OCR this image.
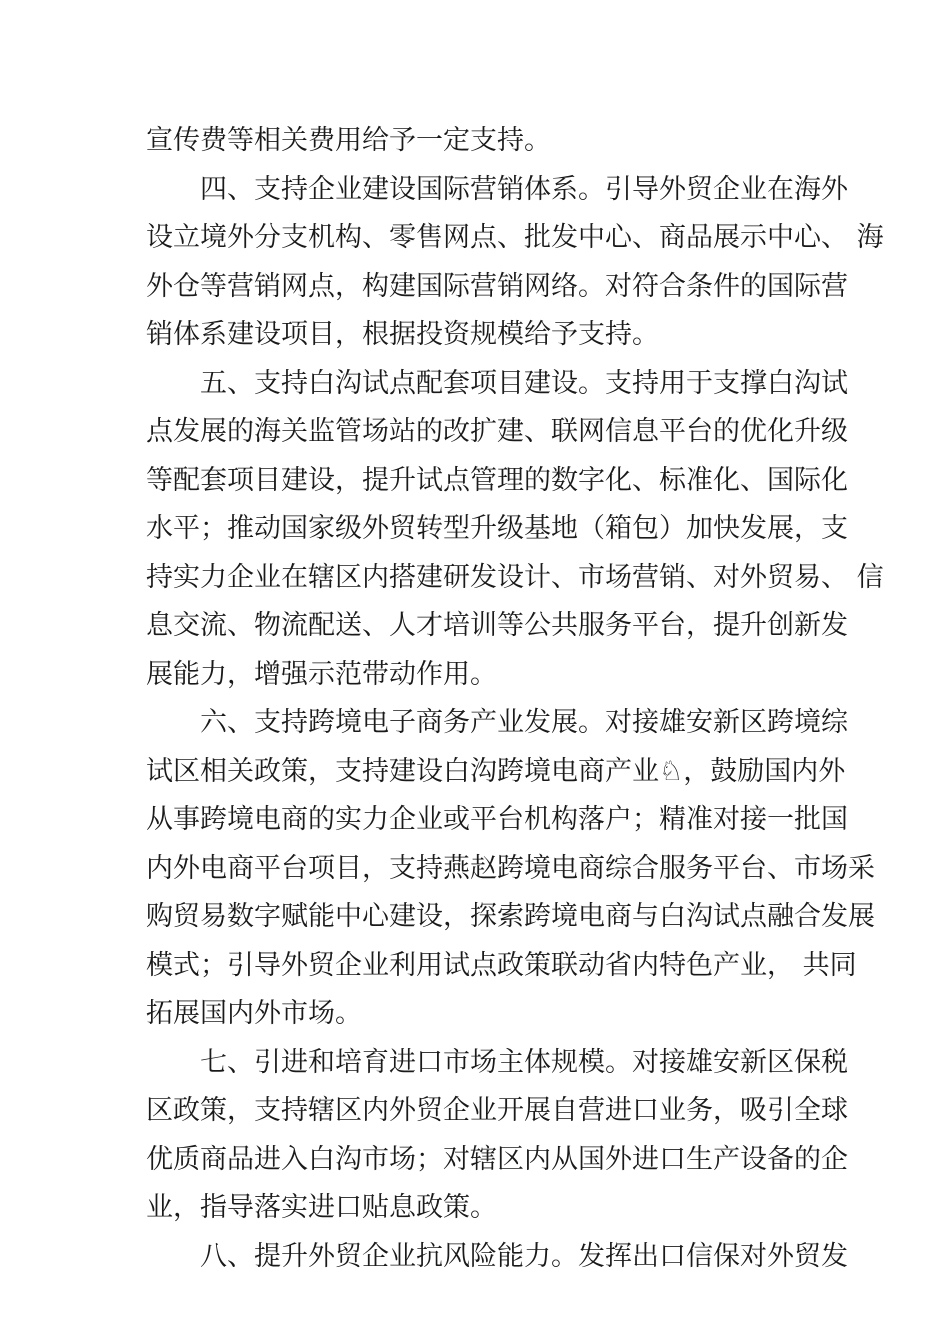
宣传费等相关费用给予一定支持。
四、支持企业建设国际营销体系。引导外贸企业在海外
设立境外分支机构、零售网点、批发中心、商品展示中心、 海
外仓等营销网点，构建国际营销网络。对符合条件的国际营
销体系建设项目，根据投资规模给予支持。
五、支持白沟试点配套项目建设。支持用于支撑白沟试
点发展的海关监管场站的改扩建、联网信息平台的优化升级
等配套项目建设，提升试点管理的数字化、标准化、国际化
水平；推动国家级外贸转型升级基地（箱包）加快发展，支
持实力企业在辖区内搭建研发设计、市场营销、对外贸易、 信
息交流、物流配送、人才培训等公共服务平台，提升创新发
展能力，增强示范带动作用。
六、支持跨境电子商务产业发展。对接雄安新区跨境综
试区相关政策，支持建设白沟跨境电商产业♘，鼓励国内外
从事跨境电商的实力企业或平台机构落户；精准对接一批国
内外电商平台项目，支持燕赵跨境电商综合服务平台、市场采
购贸易数字赋能中心建设，探索跨境电商与白沟试点融合发展
模式；引导外贸企业利用试点政策联动省内特色产业， 共同
拓展国内外市场。
七、引进和培育进口市场主体规模。对接雄安新区保税
区政策，支持辖区内外贸企业开展自营进口业务，吸引全球
优质商品进入白沟市场；对辖区内从国外进口生产设备的企
业，指导落实进口贴息政策。
八、提升外贸企业抗风险能力。发挥出口信保对外贸发
